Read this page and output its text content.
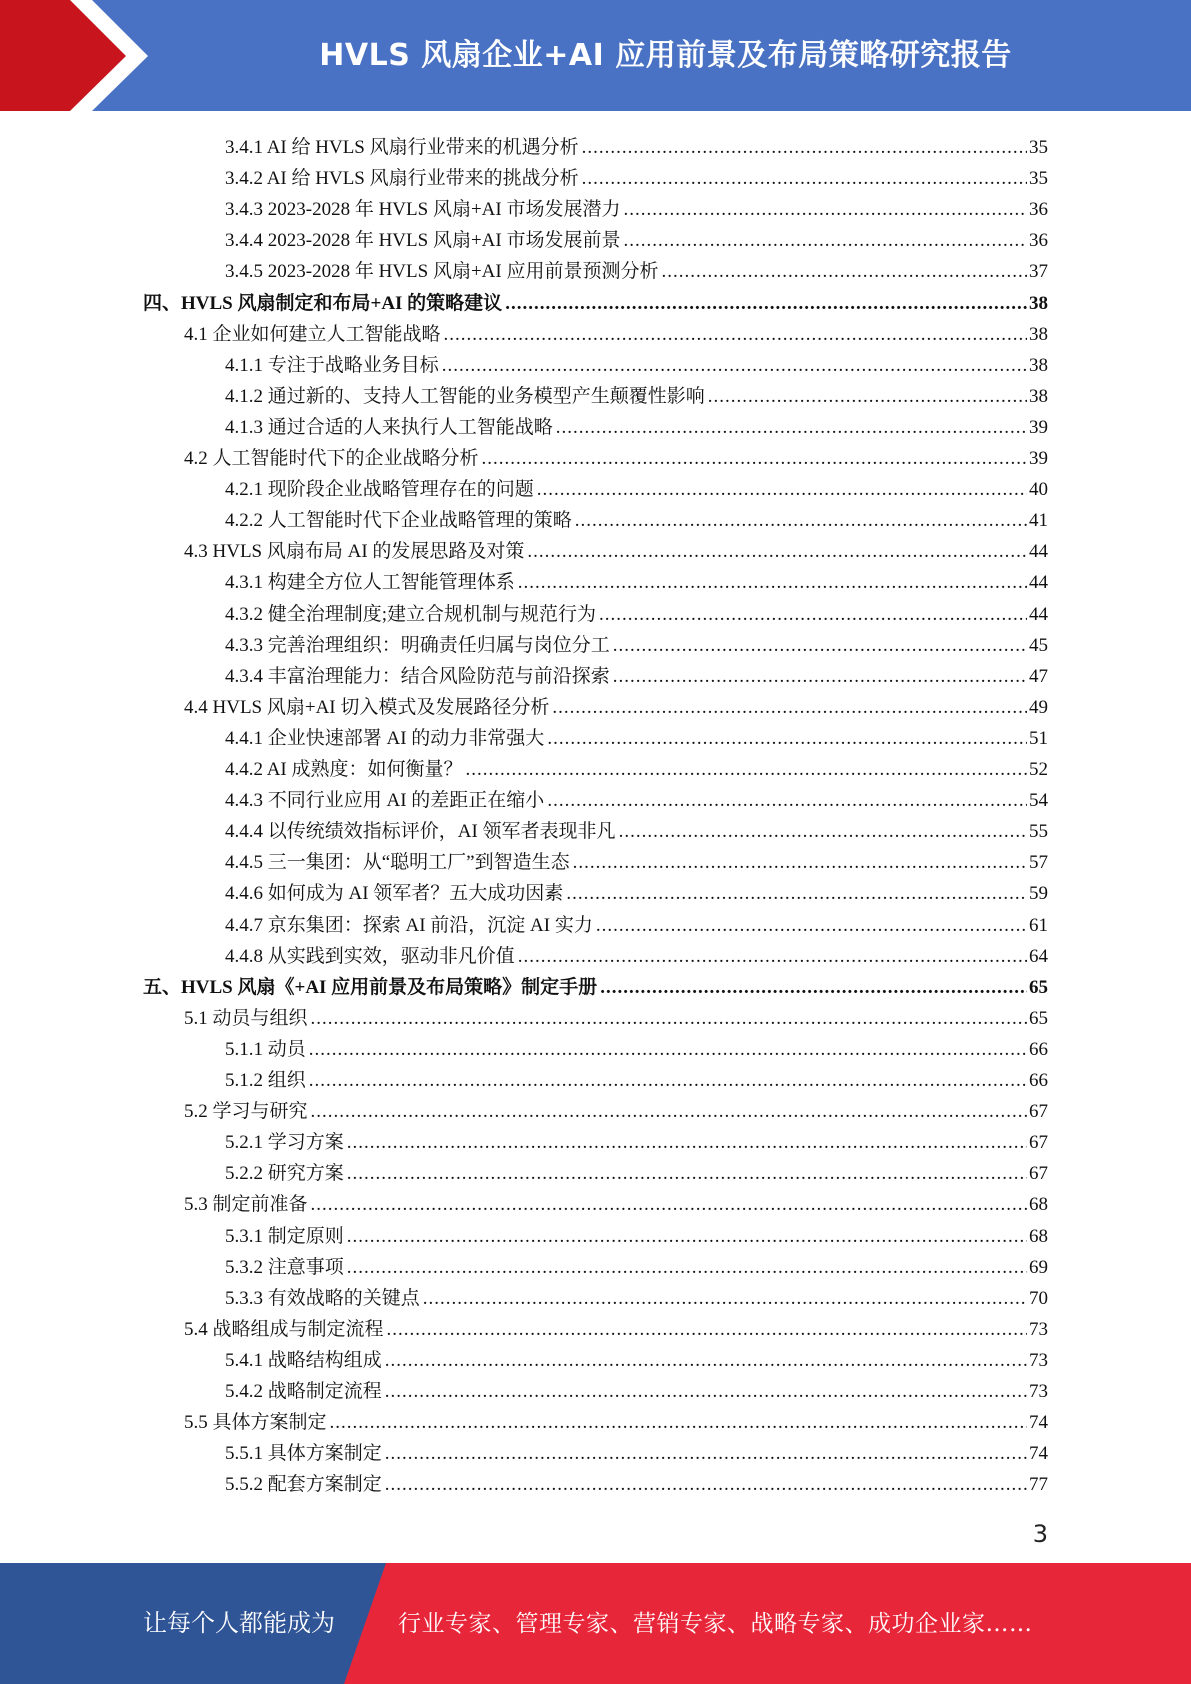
HVLS 风扇企业+AI 应用前景及布局策略研究报告
3.4.1 AI 给 HVLS 风扇行业带来的机遇分析 .....	35
3.4.2 AI 给 HVLS 风扇行业带来的挑战分析 .....	35
3.4.3 2023-2028 年 HVLS 风扇+AI 市场发展潜力 .....	36
3.4.4 2023-2028 年 HVLS 风扇+AI 市场发展前景 .....	36
3.4.5 2023-2028 年 HVLS 风扇+AI 应用前景预测分析 .....	37
四、HVLS 风扇制定和布局+AI 的策略建议 .....	38
4.1 企业如何建立人工智能战略 .....	38
4.1.1 专注于战略业务目标 .....	38
4.1.2 通过新的、支持人工智能的业务模型产生颠覆性影响 .....	38
4.1.3 通过合适的人来执行人工智能战略 .....	39
4.2 人工智能时代下的企业战略分析 .....	39
4.2.1 现阶段企业战略管理存在的问题 .....	40
4.2.2 人工智能时代下企业战略管理的策略 .....	41
4.3 HVLS 风扇布局 AI 的发展思路及对策 .....	44
4.3.1 构建全方位人工智能管理体系 .....	44
4.3.2 健全治理制度;建立合规机制与规范行为 .....	44
4.3.3 完善治理组织：明确责任归属与岗位分工 .....	45
4.3.4 丰富治理能力：结合风险防范与前沿探索 .....	47
4.4 HVLS 风扇+AI 切入模式及发展路径分析 .....	49
4.4.1 企业快速部署 AI 的动力非常强大 .....	51
4.4.2 AI 成熟度：如何衡量？ .....	52
4.4.3 不同行业应用 AI 的差距正在缩小 .....	54
4.4.4 以传统绩效指标评价，AI 领军者表现非凡 .....	55
4.4.5 三一集团：从“聪明工厂”到智造生态 .....	57
4.4.6 如何成为 AI 领军者？五大成功因素 .....	59
4.4.7 京东集团：探索 AI 前沿，沉淀 AI 实力 .....	61
4.4.8 从实践到实效，驱动非凡价值 .....	64
五、HVLS 风扇《+AI 应用前景及布局策略》制定手册 .....	65
5.1 动员与组织 .....	65
5.1.1 动员 .....	66
5.1.2 组织 .....	66
5.2 学习与研究 .....	67
5.2.1 学习方案 .....	67
5.2.2 研究方案 .....	67
5.3 制定前准备 .....	68
5.3.1 制定原则 .....	68
5.3.2 注意事项 .....	69
5.3.3 有效战略的关键点 .....	70
5.4 战略组成与制定流程 .....	73
5.4.1 战略结构组成 .....	73
5.4.2 战略制定流程 .....	73
5.5 具体方案制定 .....	74
5.5.1 具体方案制定 .....	74
5.5.2 配套方案制定 .....	77
3
让每个人都能成为	行业专家、管理专家、营销专家、战略专家、成功企业家……
